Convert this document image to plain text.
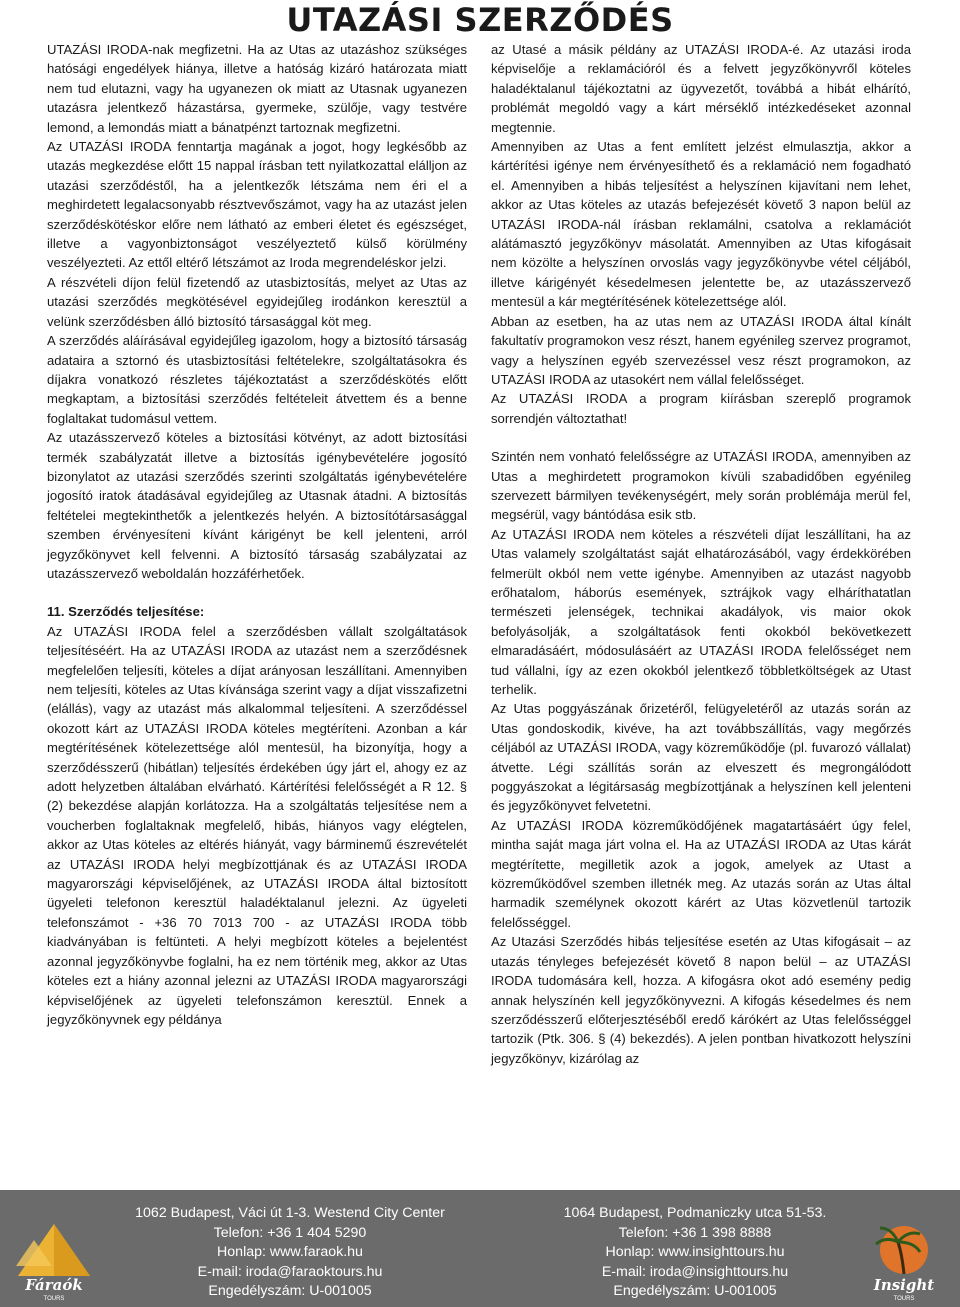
UTAZÁSI SZERZŐDÉS

UTAZÁSI IRODA-nak megfizetni. Ha az Utas az utazáshoz szükséges hatósági engedélyek hiánya, illetve a hatóság kizáró határozata miatt nem tud elutazni, vagy ha ugyanezen ok miatt az Utasnak ugyanezen utazásra jelentkező házastársa, gyermeke, szülője, vagy testvére lemond, a lemondás miatt a bánatpénzt tartoznak megfizetni.

Az UTAZÁSI IRODA fenntartja magának a jogot, hogy legkésőbb az utazás megkezdése előtt 15 nappal írásban tett nyilatkozattal elálljon az utazási szerződéstől, ha a jelentkezők létszáma nem éri el a meghirdetett legalacsonyabb résztvevőszámot, vagy ha az utazást jelen szerződéskötéskor előre nem látható az emberi életet és egészséget, illetve a vagyonbiztonságot veszélyeztető külső körülmény veszélyezteti. Az ettől eltérő létszámot az Iroda megrendeléskor jelzi.

A részvételi díjon felül fizetendő az utasbiztosítás, melyet az Utas az utazási szerződés megkötésével egyidejűleg irodánkon keresztül a velünk szerződésben álló biztosító társasággal köt meg.

A szerződés aláírásával egyidejűleg igazolom, hogy a biztosító társaság adataira a sztornó és utasbiztosítási feltételekre, szolgáltatásokra és díjakra vonatkozó részletes tájékoztatást a szerződéskötés előtt megkaptam, a biztosítási szerződés feltételeit átvettem és a benne foglaltakat tudomásul vettem.

Az utazásszervező köteles a biztosítási kötvényt, az adott biztosítási termék szabályzatát illetve a biztosítás igénybevételére jogosító bizonylatot az utazási szerződés szerinti szolgáltatás igénybevételére jogosító iratok átadásával egyidejűleg az Utasnak átadni. A biztosítás feltételei megtekinthetők a jelentkezés helyén. A biztosítótársasággal szemben érvényesíteni kívánt kárigényt be kell jelenteni, arról jegyzőkönyvet kell felvenni. A biztosító társaság szabályzatai az utazásszervező weboldalán hozzáférhetőek.

11. Szerződés teljesítése:

Az UTAZÁSI IRODA felel a szerződésben vállalt szolgáltatások teljesítéséért. Ha az UTAZÁSI IRODA az utazást nem a szerződésnek megfelelően teljesíti, köteles a díjat arányosan leszállítani. Amennyiben nem teljesíti, köteles az Utas kívánsága szerint vagy a díjat visszafizetni (elállás), vagy az utazást más alkalommal teljesíteni. A szerződéssel okozott kárt az UTAZÁSI IRODA köteles megtéríteni. Azonban a kár megtérítésének kötelezettsége alól mentesül, ha bizonyítja, hogy a szerződésszerű (hibátlan) teljesítés érdekében úgy járt el, ahogy ez az adott helyzetben általában elvárható. Kártérítési felelősségét a R 12. § (2) bekezdése alapján korlátozza. Ha a szolgáltatás teljesítése nem a voucherben foglaltaknak megfelelő, hibás, hiányos vagy elégtelen, akkor az Utas köteles az eltérés hiányát, vagy bárminemű észrevételét az UTAZÁSI IRODA helyi megbízottjának és az UTAZÁSI IRODA magyarországi képviselőjének, az UTAZÁSI IRODA által biztosított ügyeleti telefonon keresztül haladéktalanul jelezni. Az ügyeleti telefonszámot - +36 70 7013 700 - az UTAZÁSI IRODA több kiadványában is feltünteti. A helyi megbízott köteles a bejelentést azonnal jegyzőkönyvbe foglalni, ha ez nem történik meg, akkor az Utas köteles ezt a hiány azonnal jelezni az UTAZÁSI IRODA magyarországi képviselőjének az ügyeleti telefonszámon keresztül. Ennek a jegyzőkönyvnek egy példánya

az Utasé a másik példány az UTAZÁSI IRODA-é. Az utazási iroda képviselője a reklamációról és a felvett jegyzőkönyvről köteles haladéktalanul tájékoztatni az ügyvezetőt, továbbá a hibát elhárító, problémát megoldó vagy a kárt mérséklő intézkedéseket azonnal megtennie.

Amennyiben az Utas a fent említett jelzést elmulasztja, akkor a kártérítési igénye nem érvényesíthető és a reklamáció nem fogadható el. Amennyiben a hibás teljesítést a helyszínen kijavítani nem lehet, akkor az Utas köteles az utazás befejezését követő 3 napon belül az UTAZÁSI IRODA-nál írásban reklamálni, csatolva a reklamációt alátámasztó jegyzőkönyv másolatát. Amennyiben az Utas kifogásait nem közölte a helyszínen orvoslás vagy jegyzőkönyvbe vétel céljából, illetve kárigényét késedelmesen jelentette be, az utazásszervező mentesül a kár megtérítésének kötelezettsége alól.

Abban az esetben, ha az utas nem az UTAZÁSI IRODA által kínált fakultatív programokon vesz részt, hanem egyénileg szervez programot, vagy a helyszínen egyéb szervezéssel vesz részt programokon, az UTAZÁSI IRODA az utasokért nem vállal felelősséget.

Az UTAZÁSI IRODA a program kiírásban szereplő programok sorrendjén változtathat!

Szintén nem vonható felelősségre az UTAZÁSI IRODA, amennyiben az Utas a meghirdetett programokon kívüli szabadidőben egyénileg szervezett bármilyen tevékenységért, mely során problémája merül fel, megsérül, vagy bántódása esik stb.

Az UTAZÁSI IRODA nem köteles a részvételi díjat leszállítani, ha az Utas valamely szolgáltatást saját elhatározásából, vagy érdekkörében felmerült okból nem vette igénybe. Amennyiben az utazást nagyobb erőhatalom, háborús események, sztrájkok vagy elháríthatatlan természeti jelenségek, technikai akadályok, vis maior okok befolyásolják, a szolgáltatások fenti okokból bekövetkezett elmaradásáért, módosulásáért az UTAZÁSI IRODA felelősséget nem tud vállalni, így az ezen okokból jelentkező többletköltségek az Utast terhelik.

Az Utas poggyászának őrizetéről, felügyeletéről az utazás során az Utas gondoskodik, kivéve, ha azt továbbszállítás, vagy megőrzés céljából az UTAZÁSI IRODA, vagy közreműködője (pl. fuvarozó vállalat) átvette. Légi szállítás során az elveszett és megrongálódott poggyászokat a légitársaság megbízottjának a helyszínen kell jelenteni és jegyzőkönyvet felvetetni.

Az UTAZÁSI IRODA közreműködőjének magatartásáért úgy felel, mintha saját maga járt volna el. Ha az UTAZÁSI IRODA az Utas kárát megtérítette, megilletik azok a jogok, amelyek az Utast a közreműködővel szemben illetnék meg. Az utazás során az Utas által harmadik személynek okozott kárért az Utas közvetlenül tartozik felelősséggel.

Az Utazási Szerződés hibás teljesítése esetén az Utas kifogásait – az utazás tényleges befejezését követő 8 napon belül – az UTAZÁSI IRODA tudomására kell, hozza. A kifogásra okot adó esemény pedig annak helyszínén kell jegyzőkönyvezni. A kifogás késedelmes és nem szerződésszerű előterjesztéséből eredő kárókért az Utas felelősséggel tartozik (Ptk. 306. § (4) bekezdés). A jelen pontban hivatkozott helyszíni jegyzőkönyv, kizárólag az

Fáraók
TOURS
1062 Budapest, Váci út 1-3. Westend City Center
Telefon: +36 1 404 5290
Honlap: www.faraok.hu
E-mail: iroda@faraoktours.hu
Engedélyszám: U-001005
1064 Budapest, Podmaniczky utca 51-53.
Telefon: +36 1 398 8888
Honlap: www.insighttours.hu
E-mail: iroda@insighttours.hu
Engedélyszám: U-001005	Insight
TOURS
